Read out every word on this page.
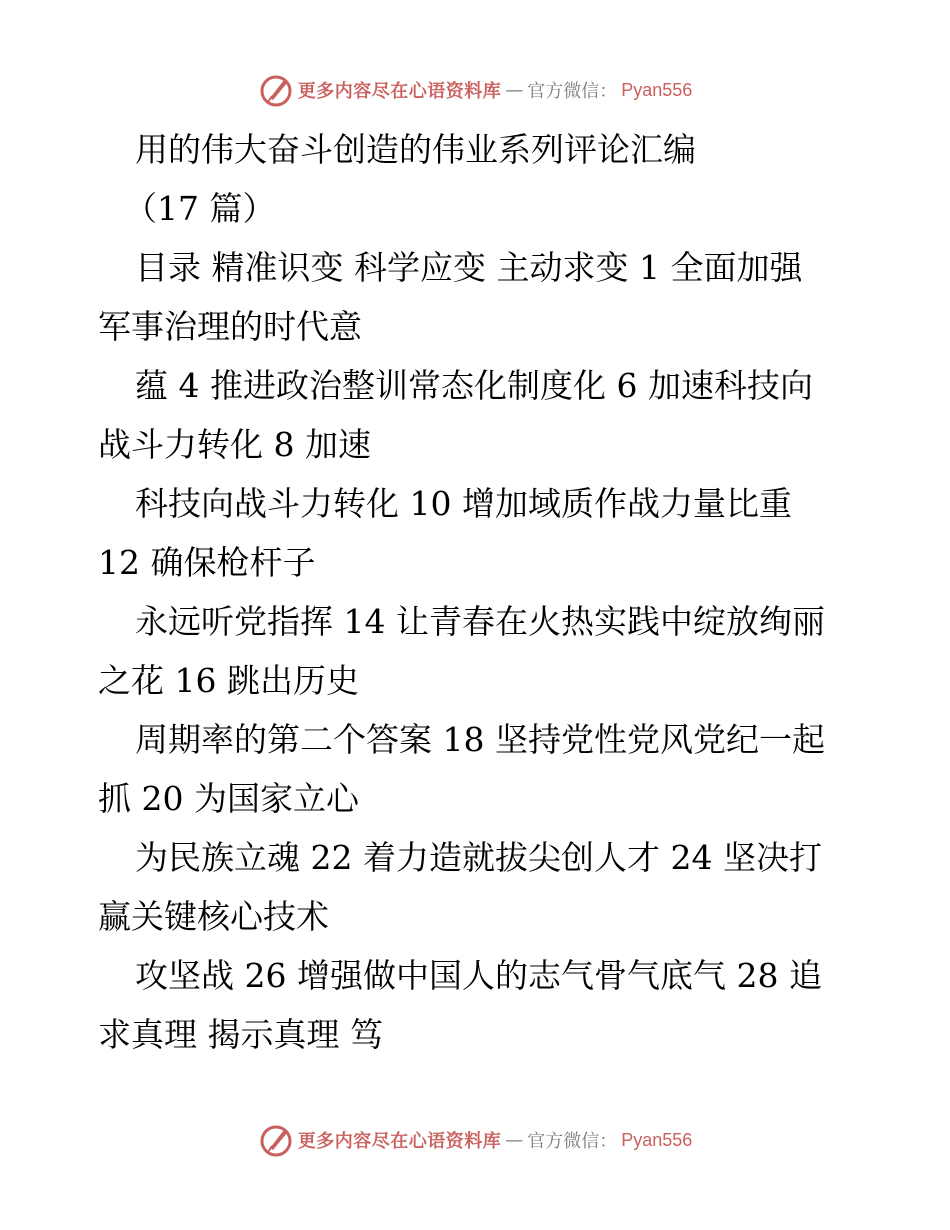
更多内容尽在心语资料库 — 官方微信： Pyan556
用的伟大奋斗创造的伟业系列评论汇编
（17 篇）
目录 精准识变 科学应变 主动求变 1 全面加强
军事治理的时代意
蕴 4 推进政治整训常态化制度化 6 加速科技向
战斗力转化 8 加速
科技向战斗力转化 10 增加域质作战力量比重
12 确保枪杆子
永远听党指挥 14 让青春在火热实践中绽放绚丽
之花 16 跳出历史
周期率的第二个答案 18 坚持党性党风党纪一起
抓 20 为国家立心
为民族立魂 22 着力造就拔尖创人才 24 坚决打
赢关键核心技术
攻坚战 26 增强做中国人的志气骨气底气 28 追
求真理 揭示真理 笃
更多内容尽在心语资料库 — 官方微信： Pyan556
